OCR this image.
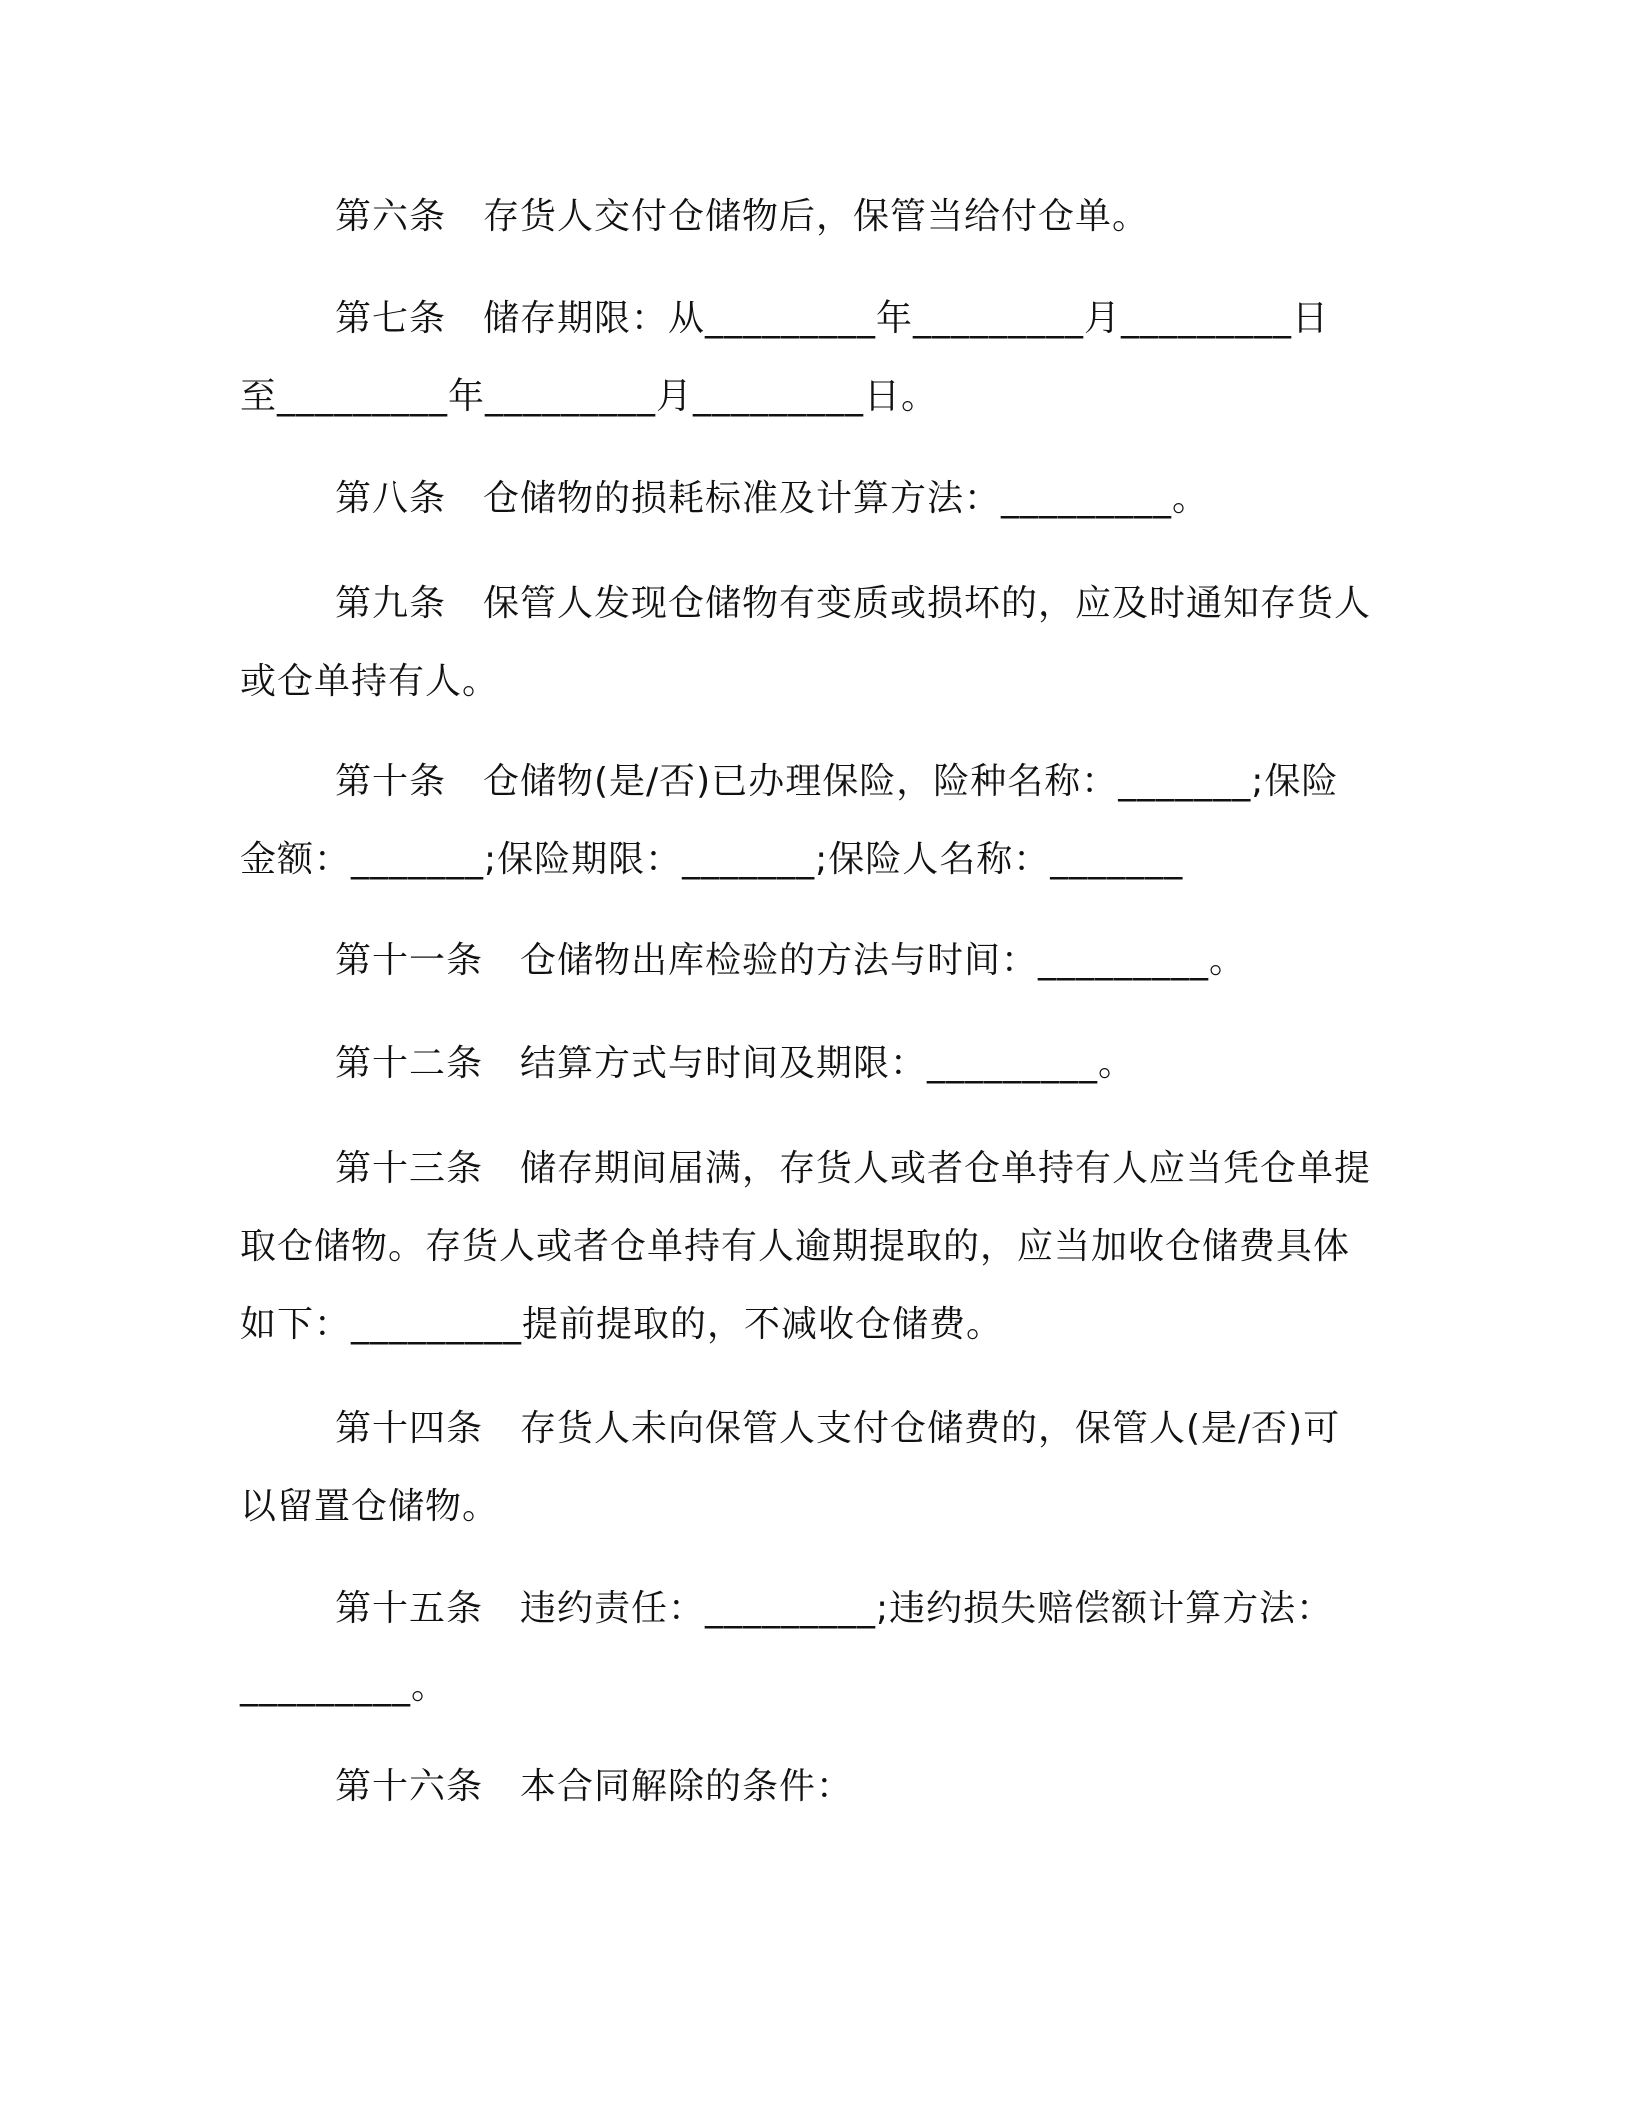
第六条　存货人交付仓储物后，保管当给付仓单。
第七条　储存期限：从_________年_________月_________日
至_________年_________月_________日。
第八条　仓储物的损耗标准及计算方法：_________。
第九条　保管人发现仓储物有变质或损坏的，应及时通知存货人
或仓单持有人。
第十条　仓储物(是/否)已办理保险，险种名称：_______;保险
金额：_______;保险期限：_______;保险人名称：_______
第十一条　仓储物出库检验的方法与时间：_________。
第十二条　结算方式与时间及期限：_________。
第十三条　储存期间届满，存货人或者仓单持有人应当凭仓单提
取仓储物。存货人或者仓单持有人逾期提取的，应当加收仓储费具体
如下：_________提前提取的，不减收仓储费。
第十四条　存货人未向保管人支付仓储费的，保管人(是/否)可
以留置仓储物。
第十五条　违约责任：_________;违约损失赔偿额计算方法：
_________。
第十六条　本合同解除的条件：
